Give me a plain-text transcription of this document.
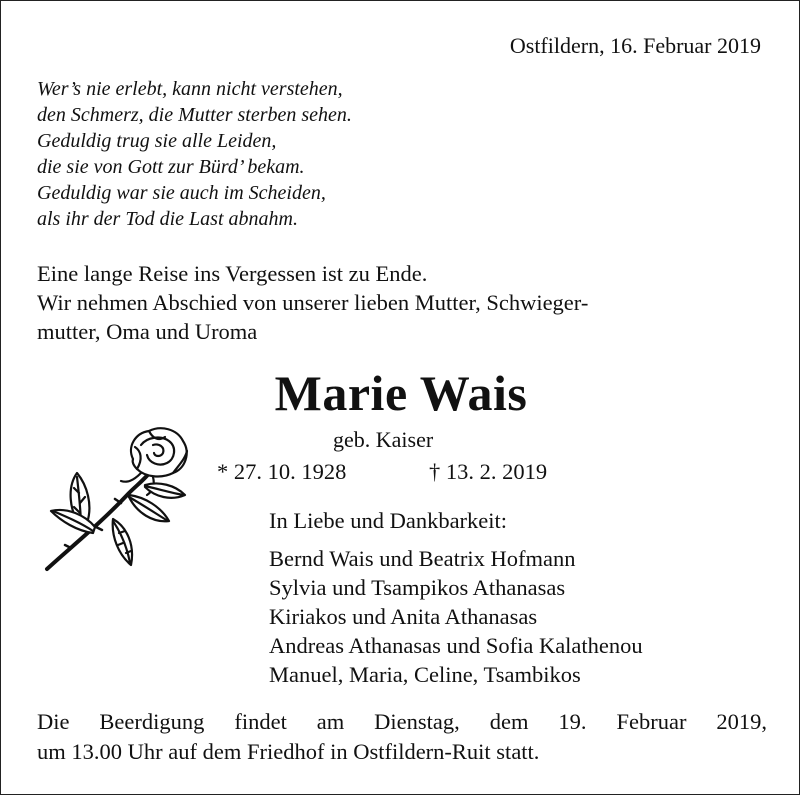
Ostfildern, 16. Februar 2019
Wer’s nie erlebt, kann nicht verstehen,
den Schmerz, die Mutter sterben sehen.
Geduldig trug sie alle Leiden,
die sie von Gott zur Bürd’ bekam.
Geduldig war sie auch im Scheiden,
als ihr der Tod die Last abnahm.
Eine lange Reise ins Vergessen ist zu Ende.
Wir nehmen Abschied von unserer lieben Mutter, Schwieger-
mutter, Oma und Uroma
Marie Wais
geb. Kaiser
* 27. 10. 1928	† 13. 2. 2019
In Liebe und Dankbarkeit:
Bernd Wais und Beatrix Hofmann
Sylvia und Tsampikos Athanasas
Kiriakos und Anita Athanasas
Andreas Athanasas und Sofia Kalathenou
Manuel, Maria, Celine, Tsambikos
Die Beerdigung findet am Dienstag, dem 19. Februar 2019,
um 13.00 Uhr auf dem Friedhof in Ostfildern-Ruit statt.
